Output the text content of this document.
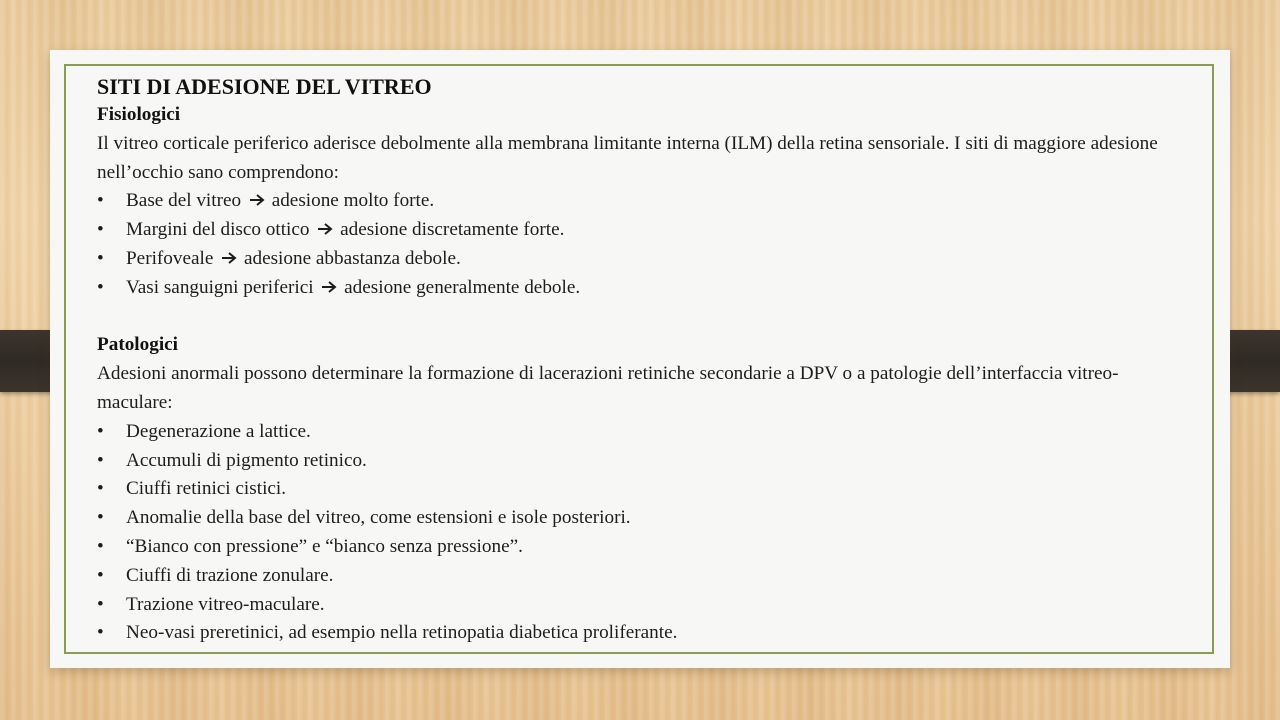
SITI DI ADESIONE DEL VITREO

Fisiologici

Il vitreo corticale periferico aderisce debolmente alla membrana limitante interna (ILM) della retina sensoriale. I siti di maggiore adesione nell’occhio sano comprendono:

• Base del vitreo adesione molto forte.
• Margini del disco ottico adesione discretamente forte.
• Perifoveale adesione abbastanza debole.
• Vasi sanguigni periferici adesione generalmente debole.

Patologici

Adesioni anormali possono determinare la formazione di lacerazioni retiniche secondarie a DPV o a patologie dell’interfaccia vitreo-maculare:

• Degenerazione a lattice.
• Accumuli di pigmento retinico.
• Ciuffi retinici cistici.
• Anomalie della base del vitreo, come estensioni e isole posteriori.
• “Bianco con pressione” e “bianco senza pressione”.
• Ciuffi di trazione zonulare.
• Trazione vitreo-maculare.
• Neo-vasi preretinici, ad esempio nella retinopatia diabetica proliferante.
